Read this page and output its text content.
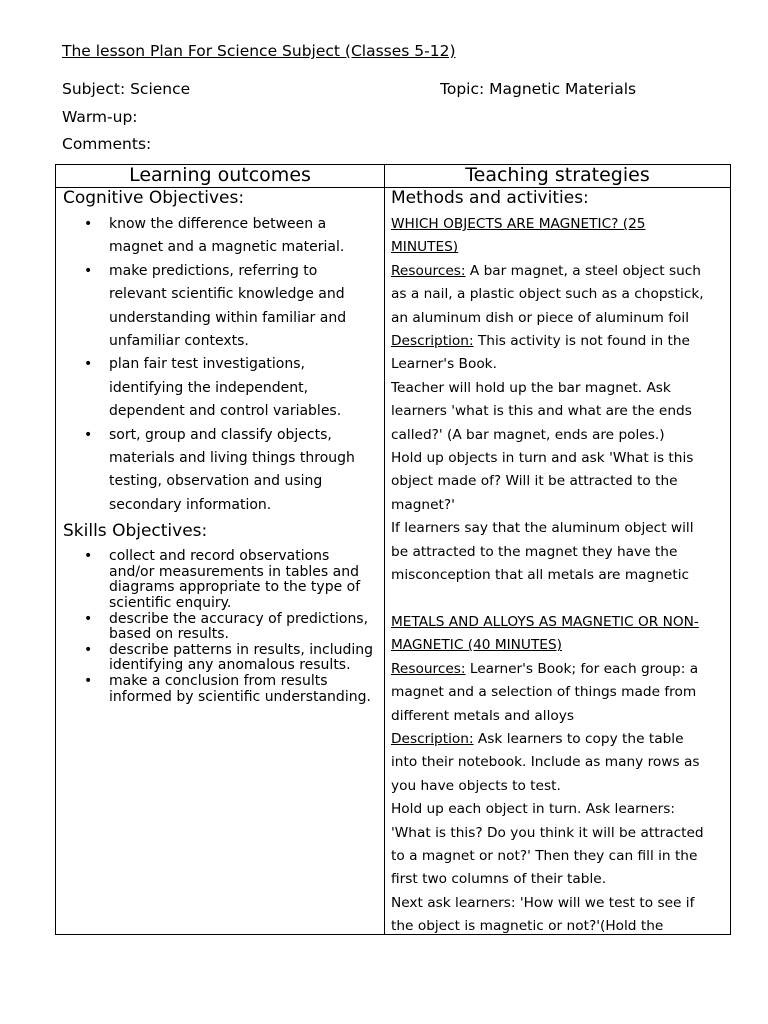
The lesson Plan For Science Subject (Classes 5-12)
Subject: Science	Topic: Magnetic Materials
Warm-up:
Comments:
Learning outcomes	Teaching strategies

Cognitive Objectives:

• know the difference between a
magnet and a magnetic material.
• make predictions, referring to
relevant scientific knowledge and
understanding within familiar and
unfamiliar contexts.
• plan fair test investigations,
identifying the independent,
dependent and control variables.
• sort, group and classify objects,
materials and living things through
testing, observation and using
secondary information.

Skills Objectives:

• collect and record observations
and/or measurements in tables and
diagrams appropriate to the type of
scientific enquiry.
• describe the accuracy of predictions,
based on results.
• describe patterns in results, including
identifying any anomalous results.
• make a conclusion from results
informed by scientific understanding.

Methods and activities:

WHICH OBJECTS ARE MAGNETIC? (25

MINUTES)

Resources: A bar magnet, a steel object such

as a nail, a plastic object such as a chopstick,

an aluminum dish or piece of aluminum foil

Description: This activity is not found in the

Learner's Book.

Teacher will hold up the bar magnet. Ask

learners 'what is this and what are the ends

called?' (A bar magnet, ends are poles.)

Hold up objects in turn and ask 'What is this

object made of? Will it be attracted to the

magnet?'

If learners say that the aluminum object will

be attracted to the magnet they have the

misconception that all metals are magnetic

METALS AND ALLOYS AS MAGNETIC OR NON-

MAGNETIC (40 MINUTES)

Resources: Learner's Book; for each group: a

magnet and a selection of things made from

different metals and alloys

Description: Ask learners to copy the table

into their notebook. Include as many rows as

you have objects to test.

Hold up each object in turn. Ask learners:

'What is this? Do you think it will be attracted

to a magnet or not?' Then they can fill in the

first two columns of their table.

Next ask learners: 'How will we test to see if

the object is magnetic or not?'(Hold the
